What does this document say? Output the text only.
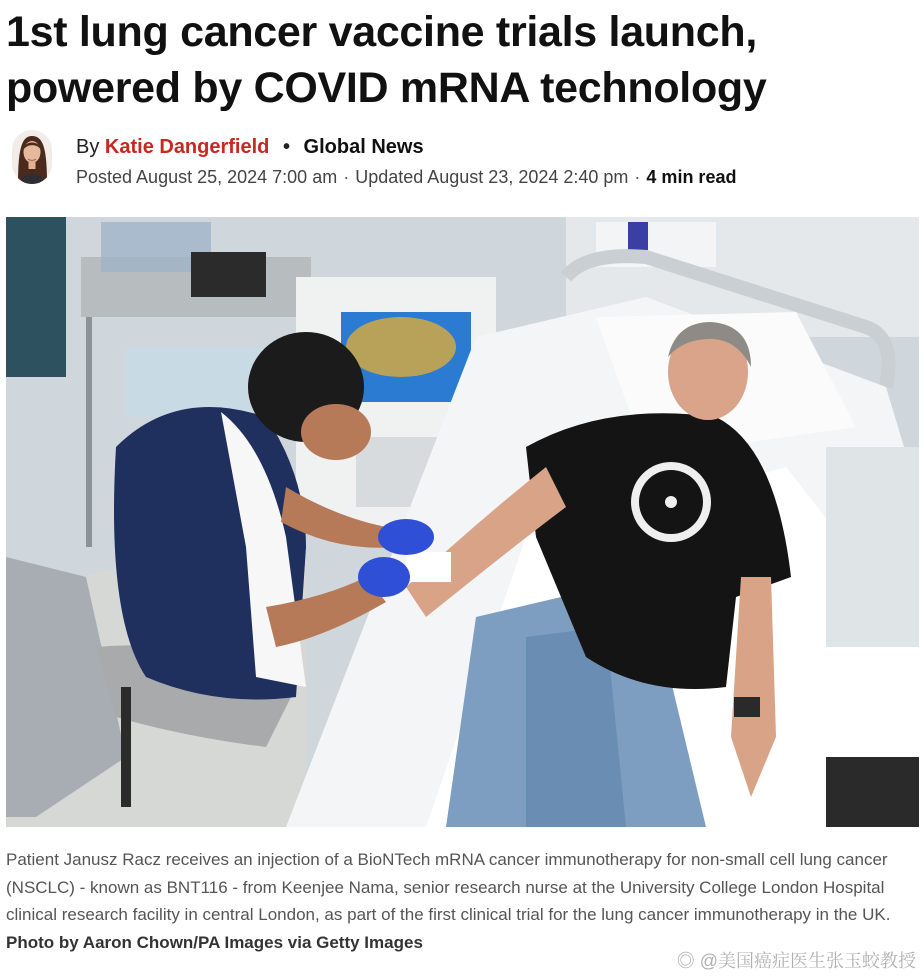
1st lung cancer vaccine trials launch, powered by COVID mRNA technology
By Katie Dangerfield • Global News
Posted August 25, 2024 7:00 am · Updated August 23, 2024 2:40 pm · 4 min read

Patient Janusz Racz receives an injection of a BioNTech mRNA cancer immunotherapy for non-small cell lung cancer (NSCLC) - known as BNT116 - from Keenjee Nama, senior research nurse at the University College London Hospital clinical research facility in central London, as part of the first clinical trial for the lung cancer immunotherapy in the UK. Photo by Aaron Chown/PA Images via Getty Images

◎ @美国癌症医生张玉蛟教授
